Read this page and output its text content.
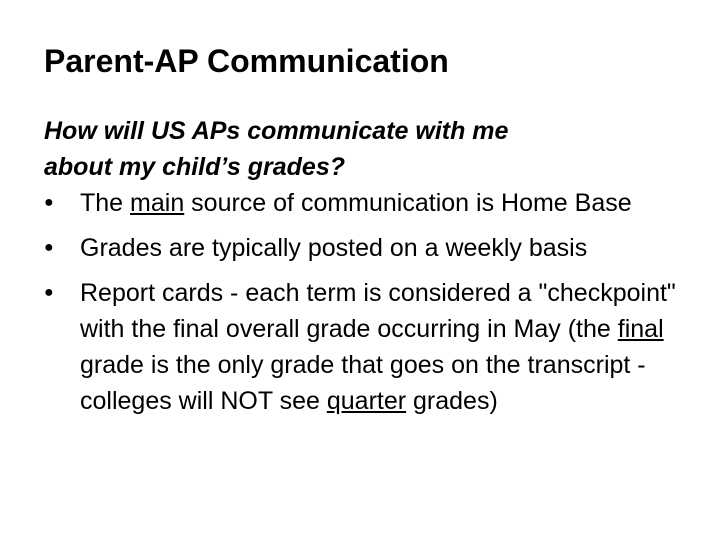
Parent-AP Communication

How will US APs communicate with me
about my child’s grades?

●	The main source of communication is Home Base
●	Grades are typically posted on a weekly basis
●	Report cards - each term is considered a "checkpoint" with the final overall grade occurring in May (the final grade is the only grade that goes on the transcript - colleges will NOT see quarter grades)
